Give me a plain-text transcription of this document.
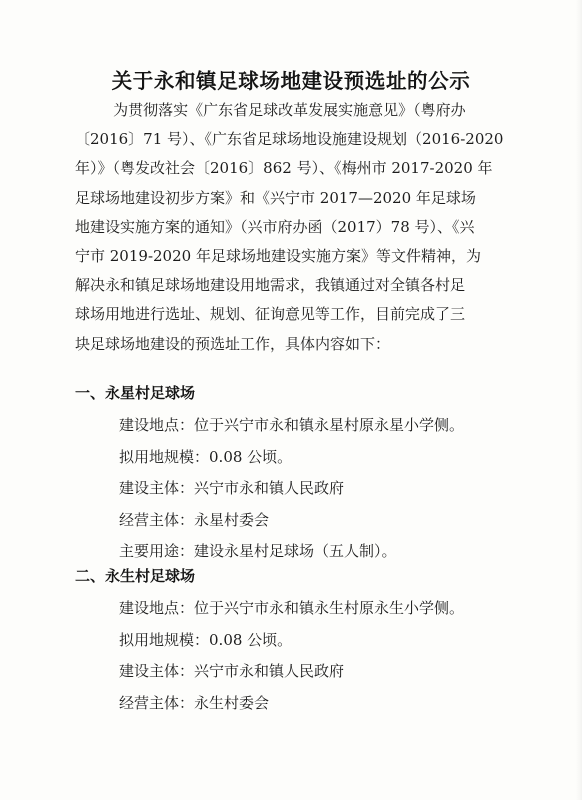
关于永和镇足球场地建设预选址的公示
为贯彻落实《广东省足球改革发展实施意见》（粤府办
〔2016〕71 号）、《广东省足球场地设施建设规划（2016-2020
年）》（粤发改社会〔2016〕862 号）、《梅州市 2017-2020 年
足球场地建设初步方案》和《兴宁市 2017—2020 年足球场
地建设实施方案的通知》（兴市府办函（2017）78 号）、《兴
宁市 2019-2020 年足球场地建设实施方案》等文件精神，为
解决永和镇足球场地建设用地需求，我镇通过对全镇各村足
球场用地进行选址、规划、征询意见等工作，目前完成了三
块足球场地建设的预选址工作，具体内容如下：
一、永星村足球场
建设地点：位于兴宁市永和镇永星村原永星小学侧。
拟用地规模：0.08 公顷。
建设主体：兴宁市永和镇人民政府
经营主体：永星村委会
主要用途：建设永星村足球场（五人制）。
二、永生村足球场
建设地点：位于兴宁市永和镇永生村原永生小学侧。
拟用地规模：0.08 公顷。
建设主体：兴宁市永和镇人民政府
经营主体：永生村委会
